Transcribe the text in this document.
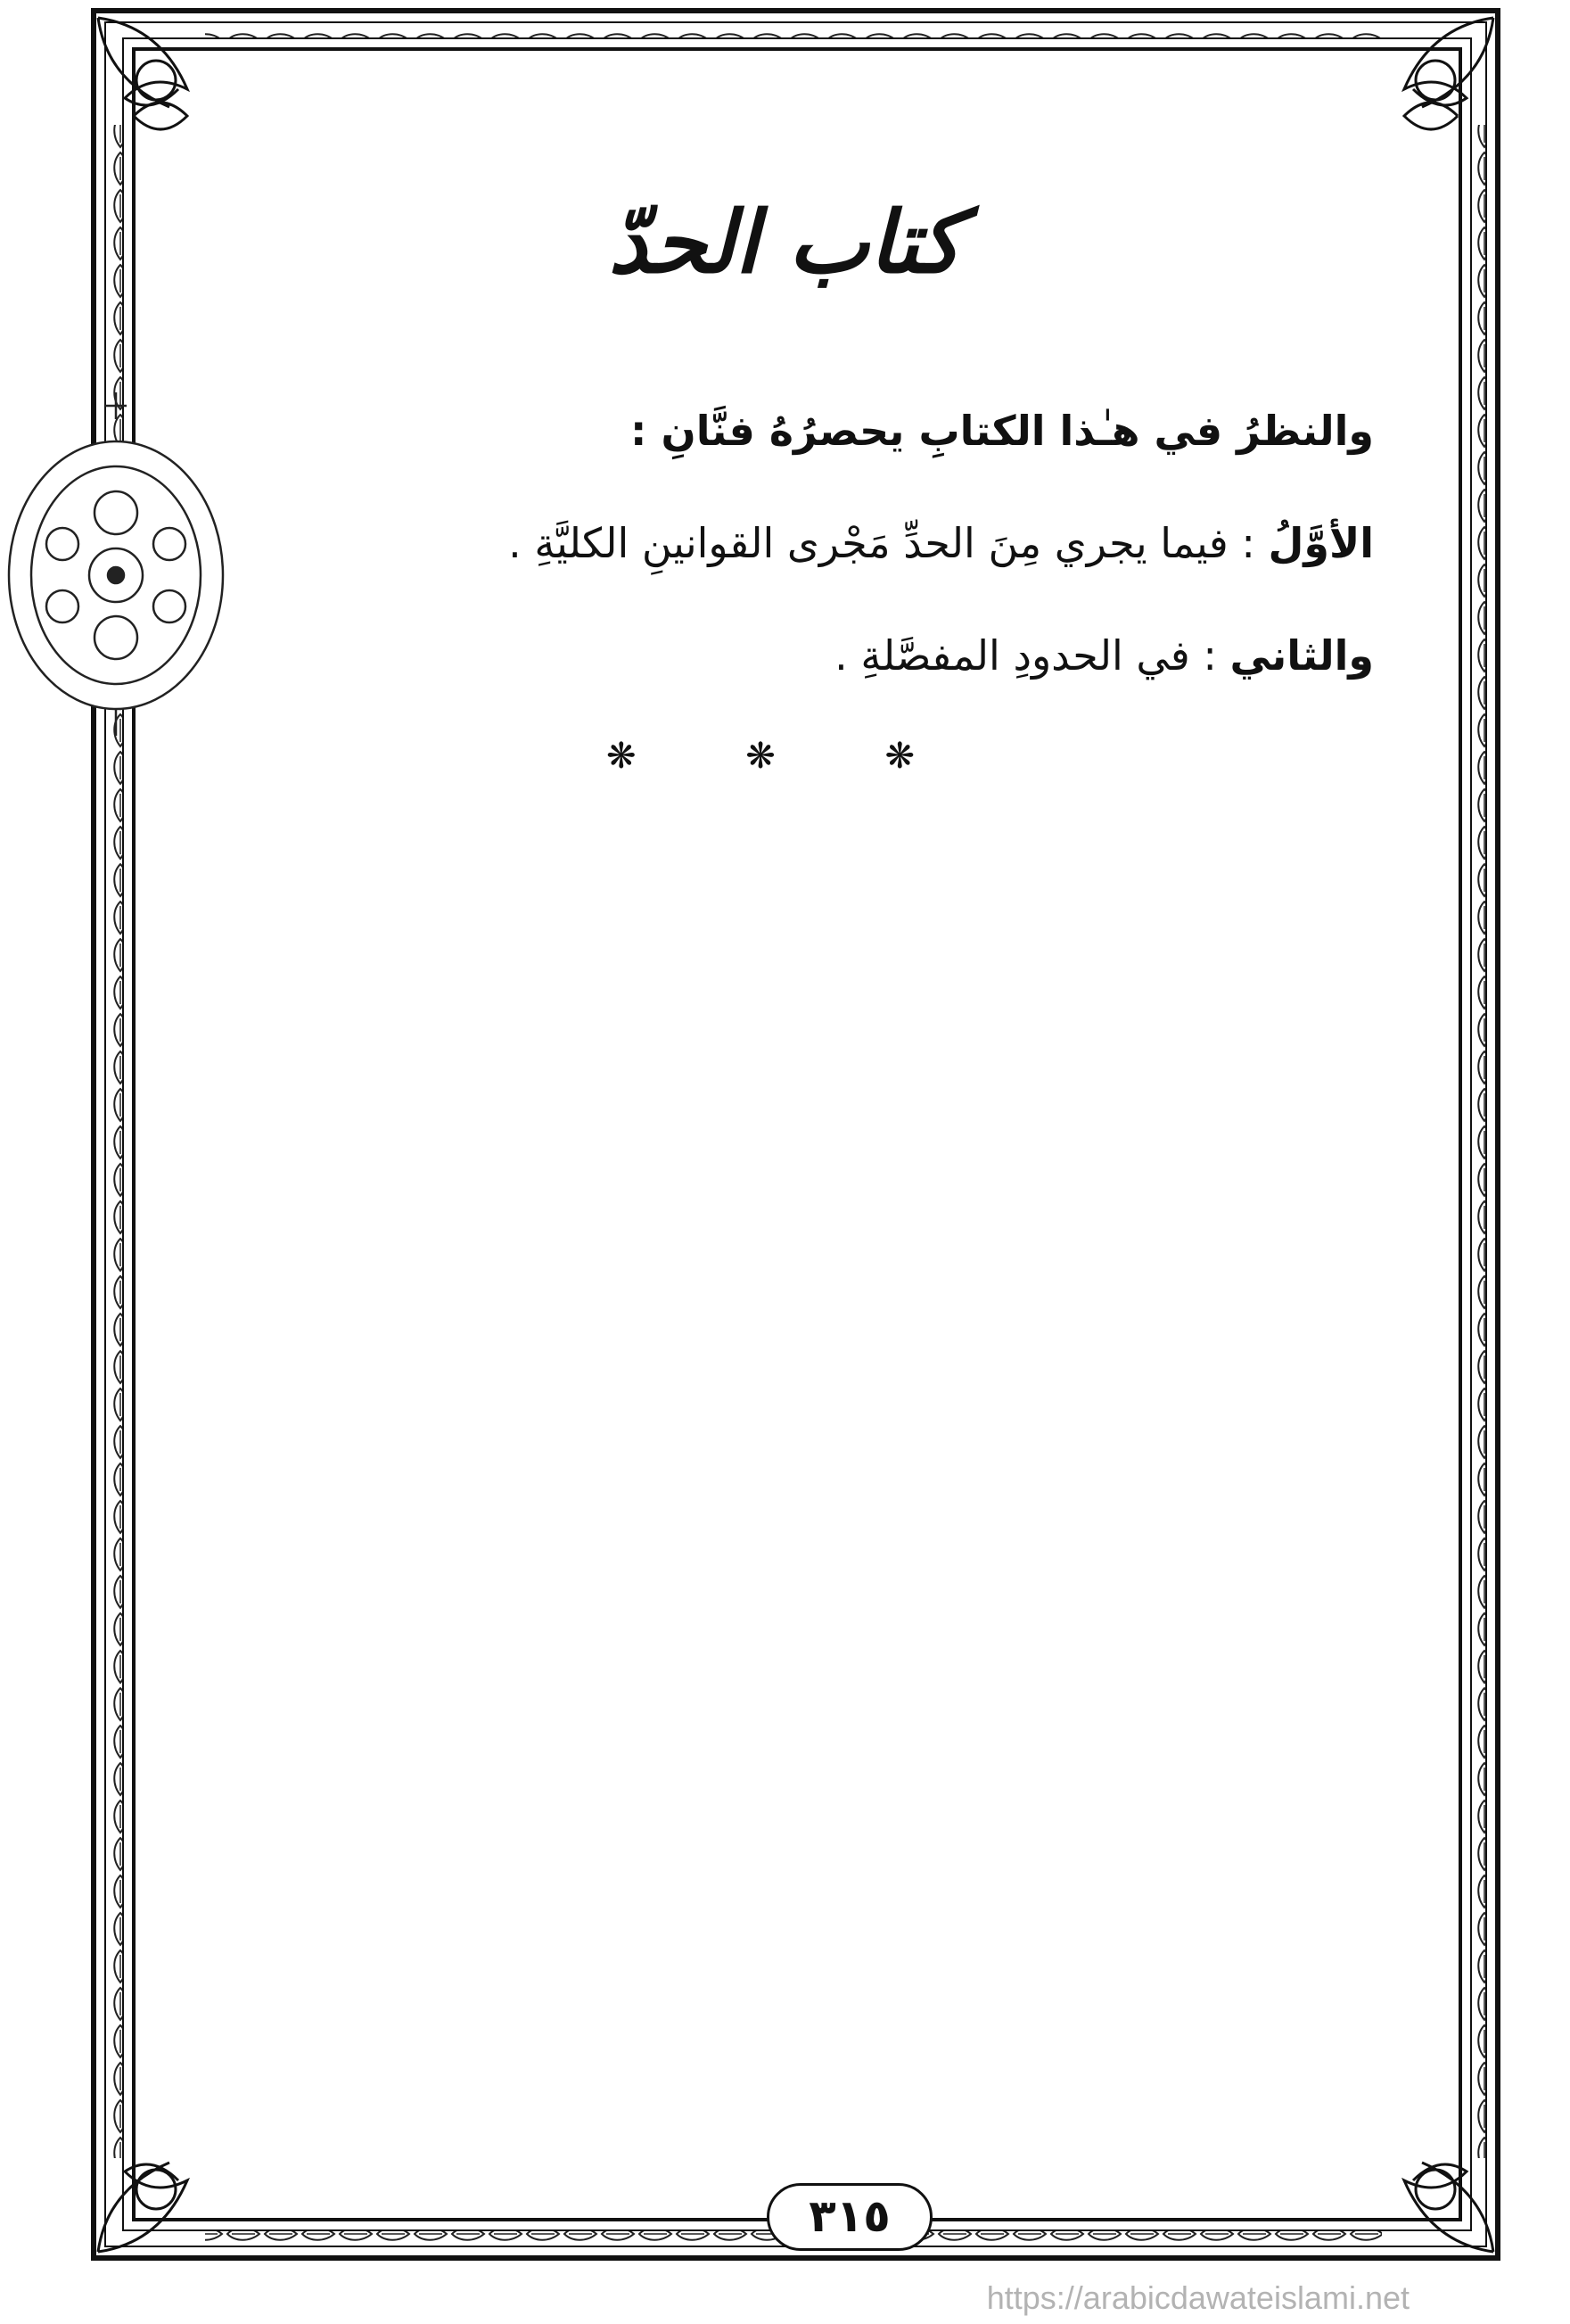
كتاب الحدّ

والنظرُ في هـٰذا الكتابِ يحصرُهُ فنَّانِ :

الأوَّلُ : فيما يجري مِنَ الحدِّ مَجْرى القوانينِ الكليَّةِ .

والثاني : في الحدودِ المفصَّلةِ .

❋ ❋ ❋
٣١٥
https://arabicdawateislami.net
